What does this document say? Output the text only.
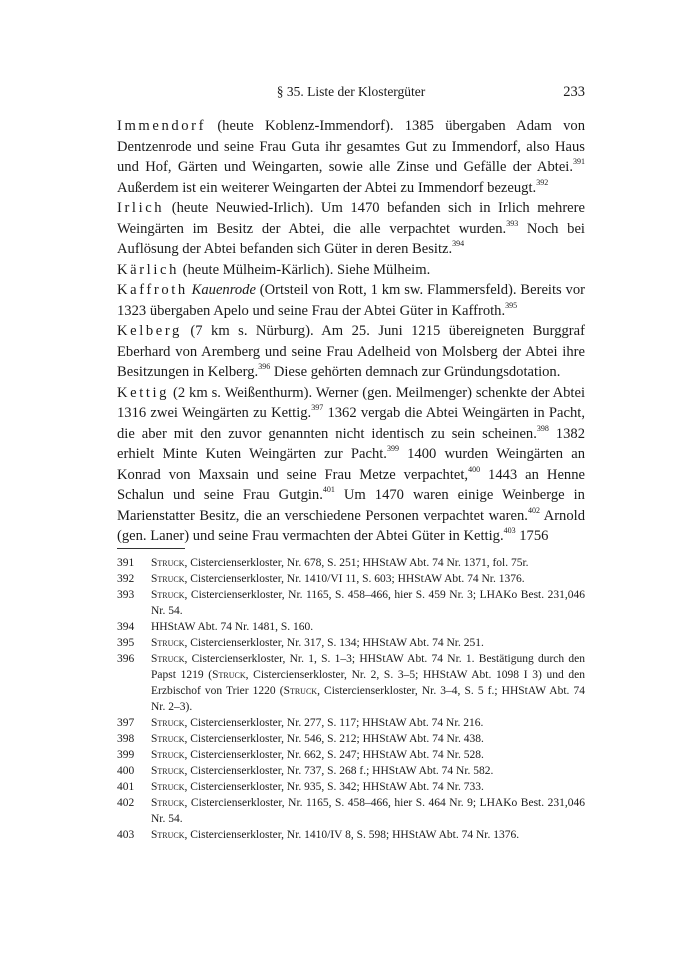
§ 35. Liste der Klostergüter	233

Immendorf (heute Koblenz-Immendorf). 1385 übergaben Adam von Dentzenrode und seine Frau Guta ihr gesamtes Gut zu Immendorf, also Haus und Hof, Gärten und Weingarten, sowie alle Zinse und Gefälle der Abtei.$^{391}$ Außerdem ist ein weiterer Weingarten der Abtei zu Immendorf bezeugt.$^{392}$

Irlich (heute Neuwied-Irlich). Um 1470 befanden sich in Irlich mehrere Weingärten im Besitz der Abtei, die alle verpachtet wurden.$^{393}$ Noch bei Auflösung der Abtei befanden sich Güter in deren Besitz.$^{394}$

Kärlich (heute Mülheim-Kärlich). Siehe Mülheim.

Kaffroth Kauenrode (Ortsteil von Rott, 1 km sw. Flammersfeld). Bereits vor 1323 übergaben Apelo und seine Frau der Abtei Güter in Kaffroth.$^{395}$

Kelberg (7 km s. Nürburg). Am 25. Juni 1215 übereigneten Burggraf Eberhard von Aremberg und seine Frau Adelheid von Molsberg der Abtei ihre Besitzungen in Kelberg.$^{396}$ Diese gehörten demnach zur Gründungsdotation.

Kettig (2 km s. Weißenthurm). Werner (gen. Meilmenger) schenkte der Abtei 1316 zwei Weingärten zu Kettig.$^{397}$ 1362 vergab die Abtei Weingärten in Pacht, die aber mit den zuvor genannten nicht identisch zu sein scheinen.$^{398}$ 1382 erhielt Minte Kuten Weingärten zur Pacht.$^{399}$ 1400 wurden Weingärten an Konrad von Maxsain und seine Frau Metze verpachtet,$^{400}$ 1443 an Henne Schalun und seine Frau Gutgin.$^{401}$ Um 1470 waren einige Weinberge in Marienstatter Besitz, die an verschiedene Personen verpachtet waren.$^{402}$ Arnold (gen. Laner) und seine Frau vermachten der Abtei Güter in Kettig.$^{403}$ 1756

391	Struck, Cistercienserkloster, Nr. 678, S. 251; HHStAW Abt. 74 Nr. 1371, fol. 75r.
392	Struck, Cistercienserkloster, Nr. 1410/VI 11, S. 603; HHStAW Abt. 74 Nr. 1376.
393	Struck, Cistercienserkloster, Nr. 1165, S. 458–466, hier S. 459 Nr. 3; LHAKo Best. 231,046 Nr. 54.
394	HHStAW Abt. 74 Nr. 1481, S. 160.
395	Struck, Cistercienserkloster, Nr. 317, S. 134; HHStAW Abt. 74 Nr. 251.
396	Struck, Cistercienserkloster, Nr. 1, S. 1–3; HHStAW Abt. 74 Nr. 1. Bestätigung durch den Papst 1219 (Struck, Cistercienserkloster, Nr. 2, S. 3–5; HHStAW Abt. 1098 I 3) und den Erzbischof von Trier 1220 (Struck, Cistercienserkloster, Nr. 3–4, S. 5 f.; HHStAW Abt. 74 Nr. 2–3).
397	Struck, Cistercienserkloster, Nr. 277, S. 117; HHStAW Abt. 74 Nr. 216.
398	Struck, Cistercienserkloster, Nr. 546, S. 212; HHStAW Abt. 74 Nr. 438.
399	Struck, Cistercienserkloster, Nr. 662, S. 247; HHStAW Abt. 74 Nr. 528.
400	Struck, Cistercienserkloster, Nr. 737, S. 268 f.; HHStAW Abt. 74 Nr. 582.
401	Struck, Cistercienserkloster, Nr. 935, S. 342; HHStAW Abt. 74 Nr. 733.
402	Struck, Cistercienserkloster, Nr. 1165, S. 458–466, hier S. 464 Nr. 9; LHAKo Best. 231,046 Nr. 54.
403	Struck, Cistercienserkloster, Nr. 1410/IV 8, S. 598; HHStAW Abt. 74 Nr. 1376.
